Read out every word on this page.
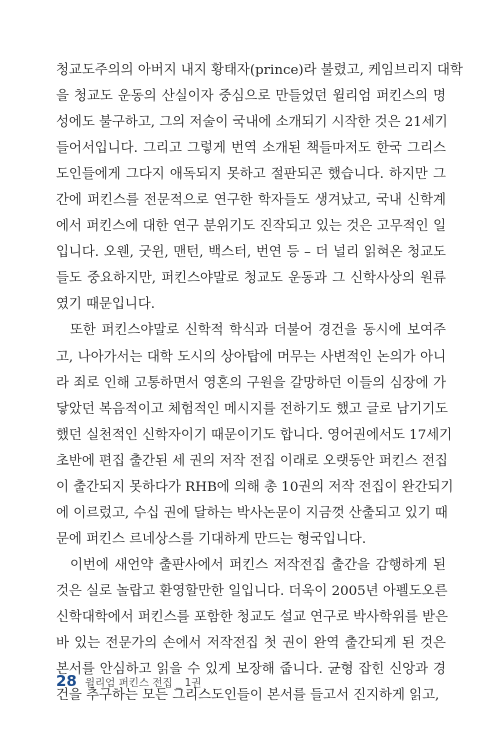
청교도주의의 아버지 내지 황태자(prince)라 불렸고, 케임브리지 대학
을 청교도 운동의 산실이자 중심으로 만들었던 윌리엄 퍼킨스의 명
성에도 불구하고, 그의 저술이 국내에 소개되기 시작한 것은 21세기
들어서입니다. 그리고 그렇게 번역 소개된 책들마저도 한국 그리스
도인들에게 그다지 애독되지 못하고 절판되곤 했습니다. 하지만 그
간에 퍼킨스를 전문적으로 연구한 학자들도 생겨났고, 국내 신학계
에서 퍼킨스에 대한 연구 분위기도 진작되고 있는 것은 고무적인 일
입니다. 오웬, 굿윈, 맨턴, 백스터, 번연 등 – 더 널리 읽혀온 청교도
들도 중요하지만, 퍼킨스야말로 청교도 운동과 그 신학사상의 원류
였기 때문입니다.
또한 퍼킨스야말로 신학적 학식과 더불어 경건을 동시에 보여주
고, 나아가서는 대학 도시의 상아탑에 머무는 사변적인 논의가 아니
라 죄로 인해 고통하면서 영혼의 구원을 갈망하던 이들의 심장에 가
닿았던 복음적이고 체험적인 메시지를 전하기도 했고 글로 남기기도
했던 실천적인 신학자이기 때문이기도 합니다. 영어권에서도 17세기
초반에 편집 출간된 세 권의 저작 전집 이래로 오랫동안 퍼킨스 전집
이 출간되지 못하다가 RHB에 의해 총 10권의 저작 전집이 완간되기
에 이르렀고, 수십 권에 달하는 박사논문이 지금껏 산출되고 있기 때
문에 퍼킨스 르네상스를 기대하게 만드는 형국입니다.
이번에 새언약 출판사에서 퍼킨스 저작전집 출간을 감행하게 된
것은 실로 놀랍고 환영할만한 일입니다. 더욱이 2005년 아펠도오른
신학대학에서 퍼킨스를 포함한 청교도 설교 연구로 박사학위를 받은
바 있는 전문가의 손에서 저작전집 첫 권이 완역 출간되게 된 것은
본서를 안심하고 읽을 수 있게 보장해 줍니다. 균형 잡힌 신앙과 경
건을 추구하는 모든 그리스도인들이 본서를 들고서 진지하게 읽고,
28 윌리엄 퍼킨스 전집 _ 1권
